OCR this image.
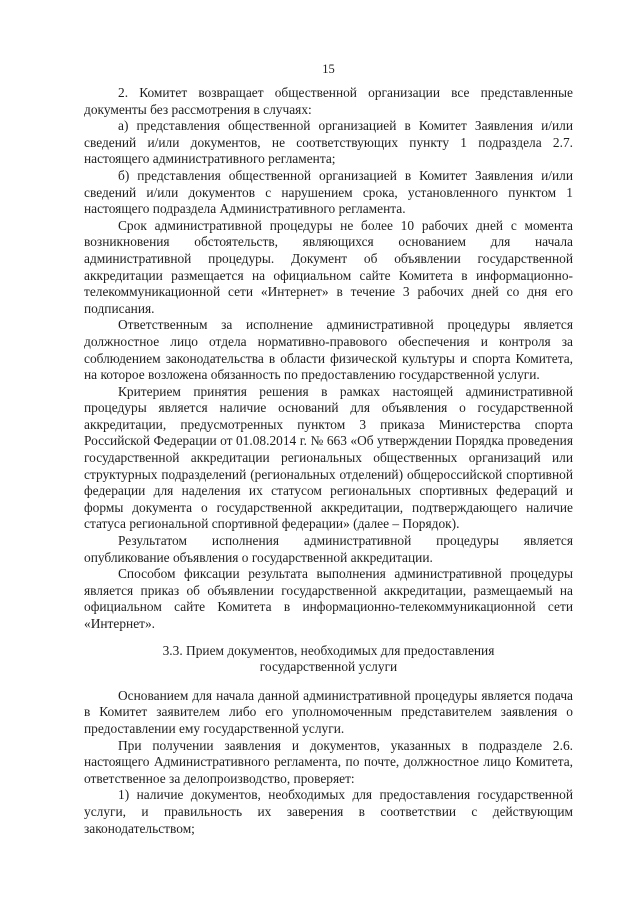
15

2. Комитет возвращает общественной организации все представленные документы без рассмотрения в случаях:

а) представления общественной организацией в Комитет Заявления и/или сведений и/или документов, не соответствующих пункту 1 подраздела 2.7. настоящего административного регламента;

б) представления общественной организацией в Комитет Заявления и/или сведений и/или документов с нарушением срока, установленного пунктом 1 настоящего подраздела Административного регламента.

Срок административной процедуры не более 10 рабочих дней с момента возникновения обстоятельств, являющихся основанием для начала административной процедуры. Документ об объявлении государственной аккредитации размещается на официальном сайте Комитета в информационно-телекоммуникационной сети «Интернет» в течение 3 рабочих дней со дня его подписания.

Ответственным за исполнение административной процедуры является должностное лицо отдела нормативно-правового обеспечения и контроля за соблюдением законодательства в области физической культуры и спорта Комитета, на которое возложена обязанность по предоставлению государственной услуги.

Критерием принятия решения в рамках настоящей административной процедуры является наличие оснований для объявления о государственной аккредитации, предусмотренных пунктом 3 приказа Министерства спорта Российской Федерации от 01.08.2014 г. № 663 «Об утверждении Порядка проведения государственной аккредитации региональных общественных организаций или структурных подразделений (региональных отделений) общероссийской спортивной федерации для наделения их статусом региональных спортивных федераций и формы документа о государственной аккредитации, подтверждающего наличие статуса региональной спортивной федерации» (далее – Порядок).

Результатом исполнения административной процедуры является опубликование объявления о государственной аккредитации.

Способом фиксации результата выполнения административной процедуры является приказ об объявлении государственной аккредитации, размещаемый на официальном сайте Комитета в информационно-телекоммуникационной сети «Интернет».

3.3. Прием документов, необходимых для предоставления
государственной услуги

Основанием для начала данной административной процедуры является подача в Комитет заявителем либо его уполномоченным представителем заявления о предоставлении ему государственной услуги.

При получении заявления и документов, указанных в подразделе 2.6. настоящего Административного регламента, по почте, должностное лицо Комитета, ответственное за делопроизводство, проверяет:

1) наличие документов, необходимых для предоставления государственной услуги, и правильность их заверения в соответствии с действующим законодательством;
